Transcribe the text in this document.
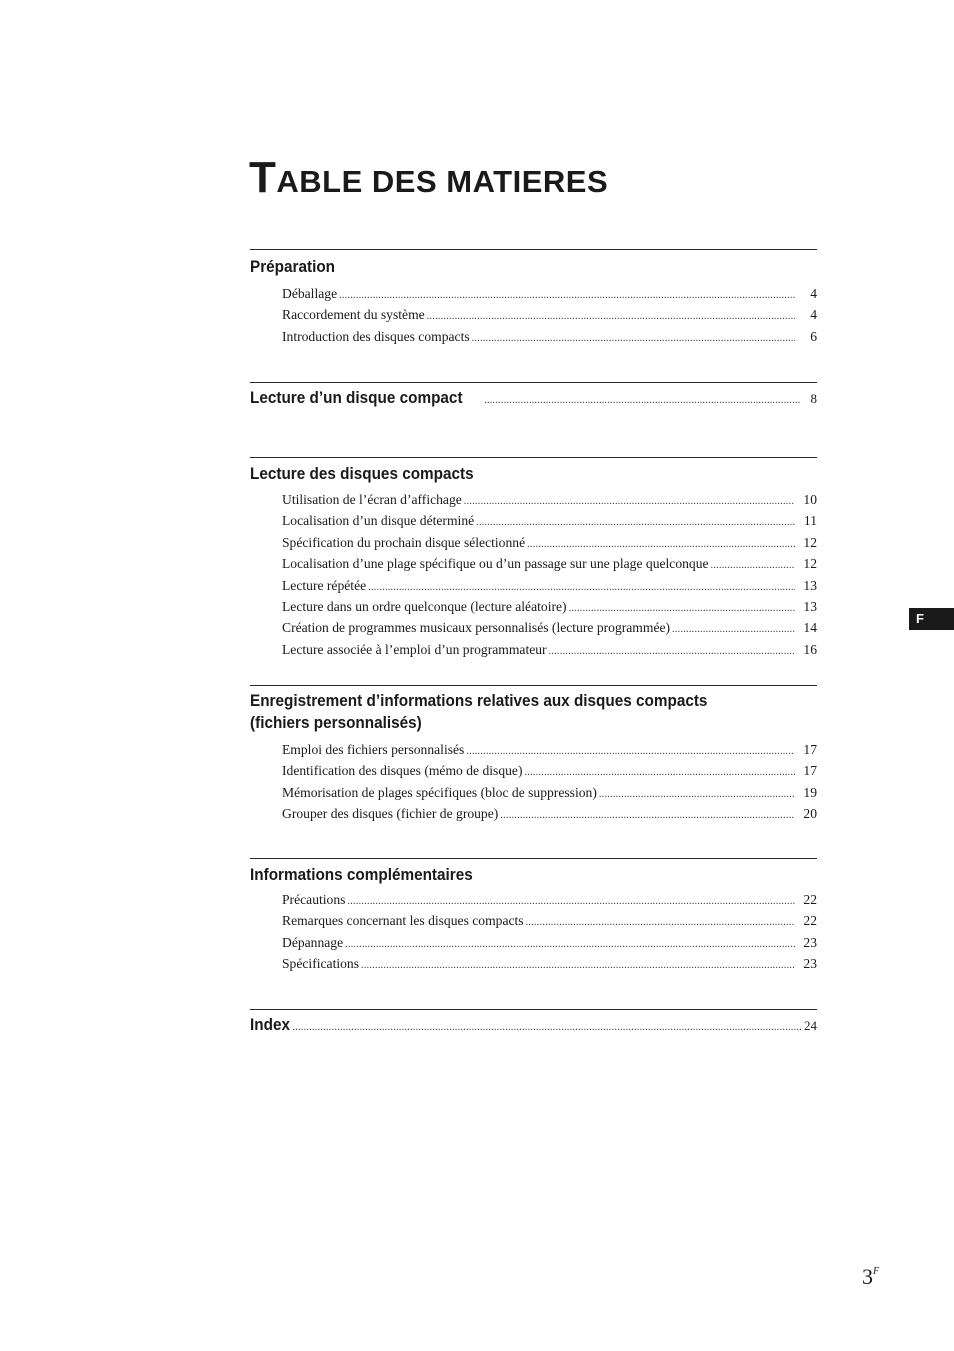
TABLE DES MATIERES
Préparation
Déballage .....	4
Raccordement du système .....	4
Introduction des disques compacts .....	6
Lecture d’un disque compact .....	8
Lecture des disques compacts
Utilisation de l’écran d’affichage .....	10
Localisation d’un disque déterminé .....	11
Spécification du prochain disque sélectionné .....	12
Localisation d’une plage spécifique ou d’un passage sur une plage quelconque .....	12
Lecture répétée .....	13
Lecture dans un ordre quelconque (lecture aléatoire) .....	13
Création de programmes musicaux personnalisés (lecture programmée) .....	14
Lecture associée à l’emploi d’un programmateur .....	16
Enregistrement d’informations relatives aux disques compacts
(fichiers personnalisés)
Emploi des fichiers personnalisés .....	17
Identification des disques (mémo de disque) .....	17
Mémorisation de plages spécifiques (bloc de suppression) .....	19
Grouper des disques (fichier de groupe) .....	20
Informations complémentaires
Précautions .....	22
Remarques concernant les disques compacts .....	22
Dépannage .....	23
Spécifications .....	23
Index .....	24
F
$3^F$
